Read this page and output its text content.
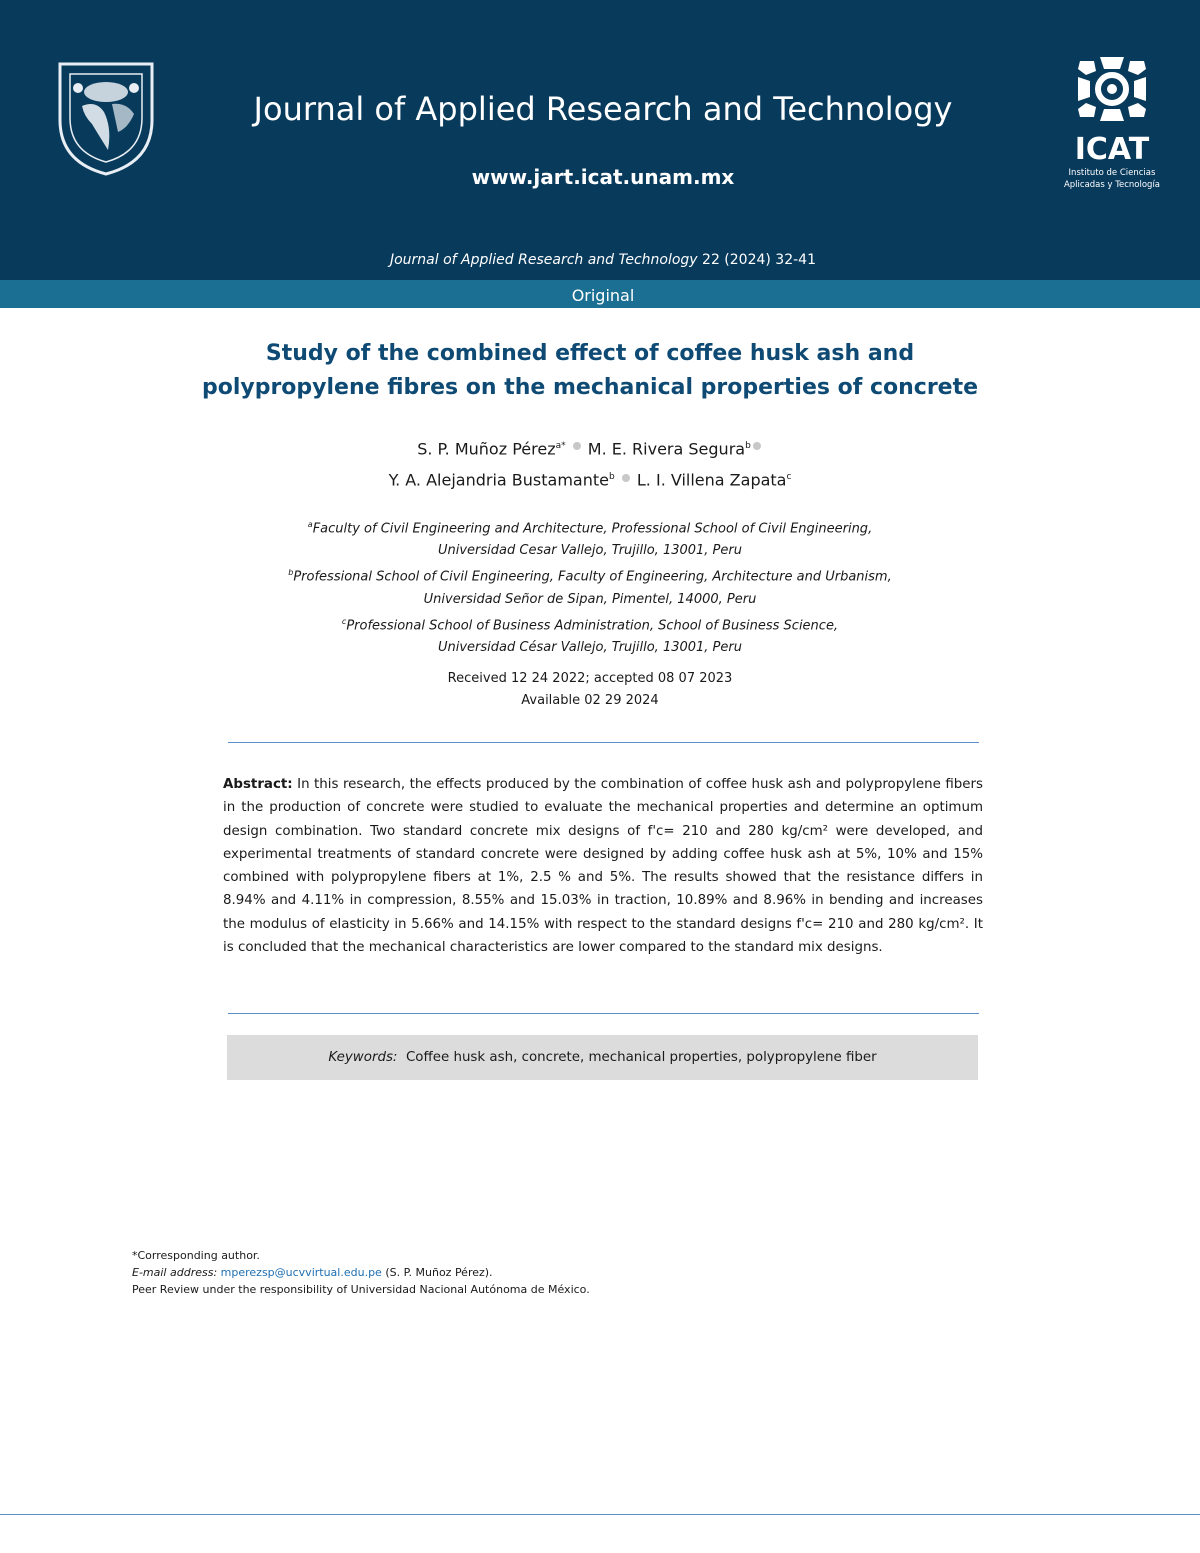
Journal of Applied Research and Technology
www.jart.icat.unam.mx
ICAT
Instituto de Ciencias
Aplicadas y Tecnología
Journal of Applied Research and Technology 22 (2024) 32-41
Original
Study of the combined effect of coffee husk ash and
polypropylene fibres on the mechanical properties of concrete
S. P. Muñoz Pérez$^{a*}$ M. E. Rivera Segura$^b$
Y. A. Alejandria Bustamante$^b$ L. I. Villena Zapata$^c$
$^a$Faculty of Civil Engineering and Architecture, Professional School of Civil Engineering,
Universidad Cesar Vallejo, Trujillo, 13001, Peru
$^b$Professional School of Civil Engineering, Faculty of Engineering, Architecture and Urbanism,
Universidad Señor de Sipan, Pimentel, 14000, Peru
$^c$Professional School of Business Administration, School of Business Science,
Universidad César Vallejo, Trujillo, 13001, Peru
Received 12 24 2022; accepted 08 07 2023
Available 02 29 2024

Abstract: In this research, the effects produced by the combination of coffee husk ash and polypropylene fibers in the production of concrete were studied to evaluate the mechanical properties and determine an optimum design combination. Two standard concrete mix designs of f'c= 210 and 280 kg/cm² were developed, and experimental treatments of standard concrete were designed by adding coffee husk ash at 5%, 10% and 15% combined with polypropylene fibers at 1%, 2.5 % and 5%. The results showed that the resistance differs in 8.94% and 4.11% in compression, 8.55% and 15.03% in traction, 10.89% and 8.96% in bending and increases the modulus of elasticity in 5.66% and 14.15% with respect to the standard designs f'c= 210 and 280 kg/cm². It is concluded that the mechanical characteristics are lower compared to the standard mix designs.

Keywords: Coffee husk ash, concrete, mechanical properties, polypropylene fiber
*Corresponding author.
E-mail address: mperezsp@ucvvirtual.edu.pe (S. P. Muñoz Pérez).
Peer Review under the responsibility of Universidad Nacional Autónoma de México.
